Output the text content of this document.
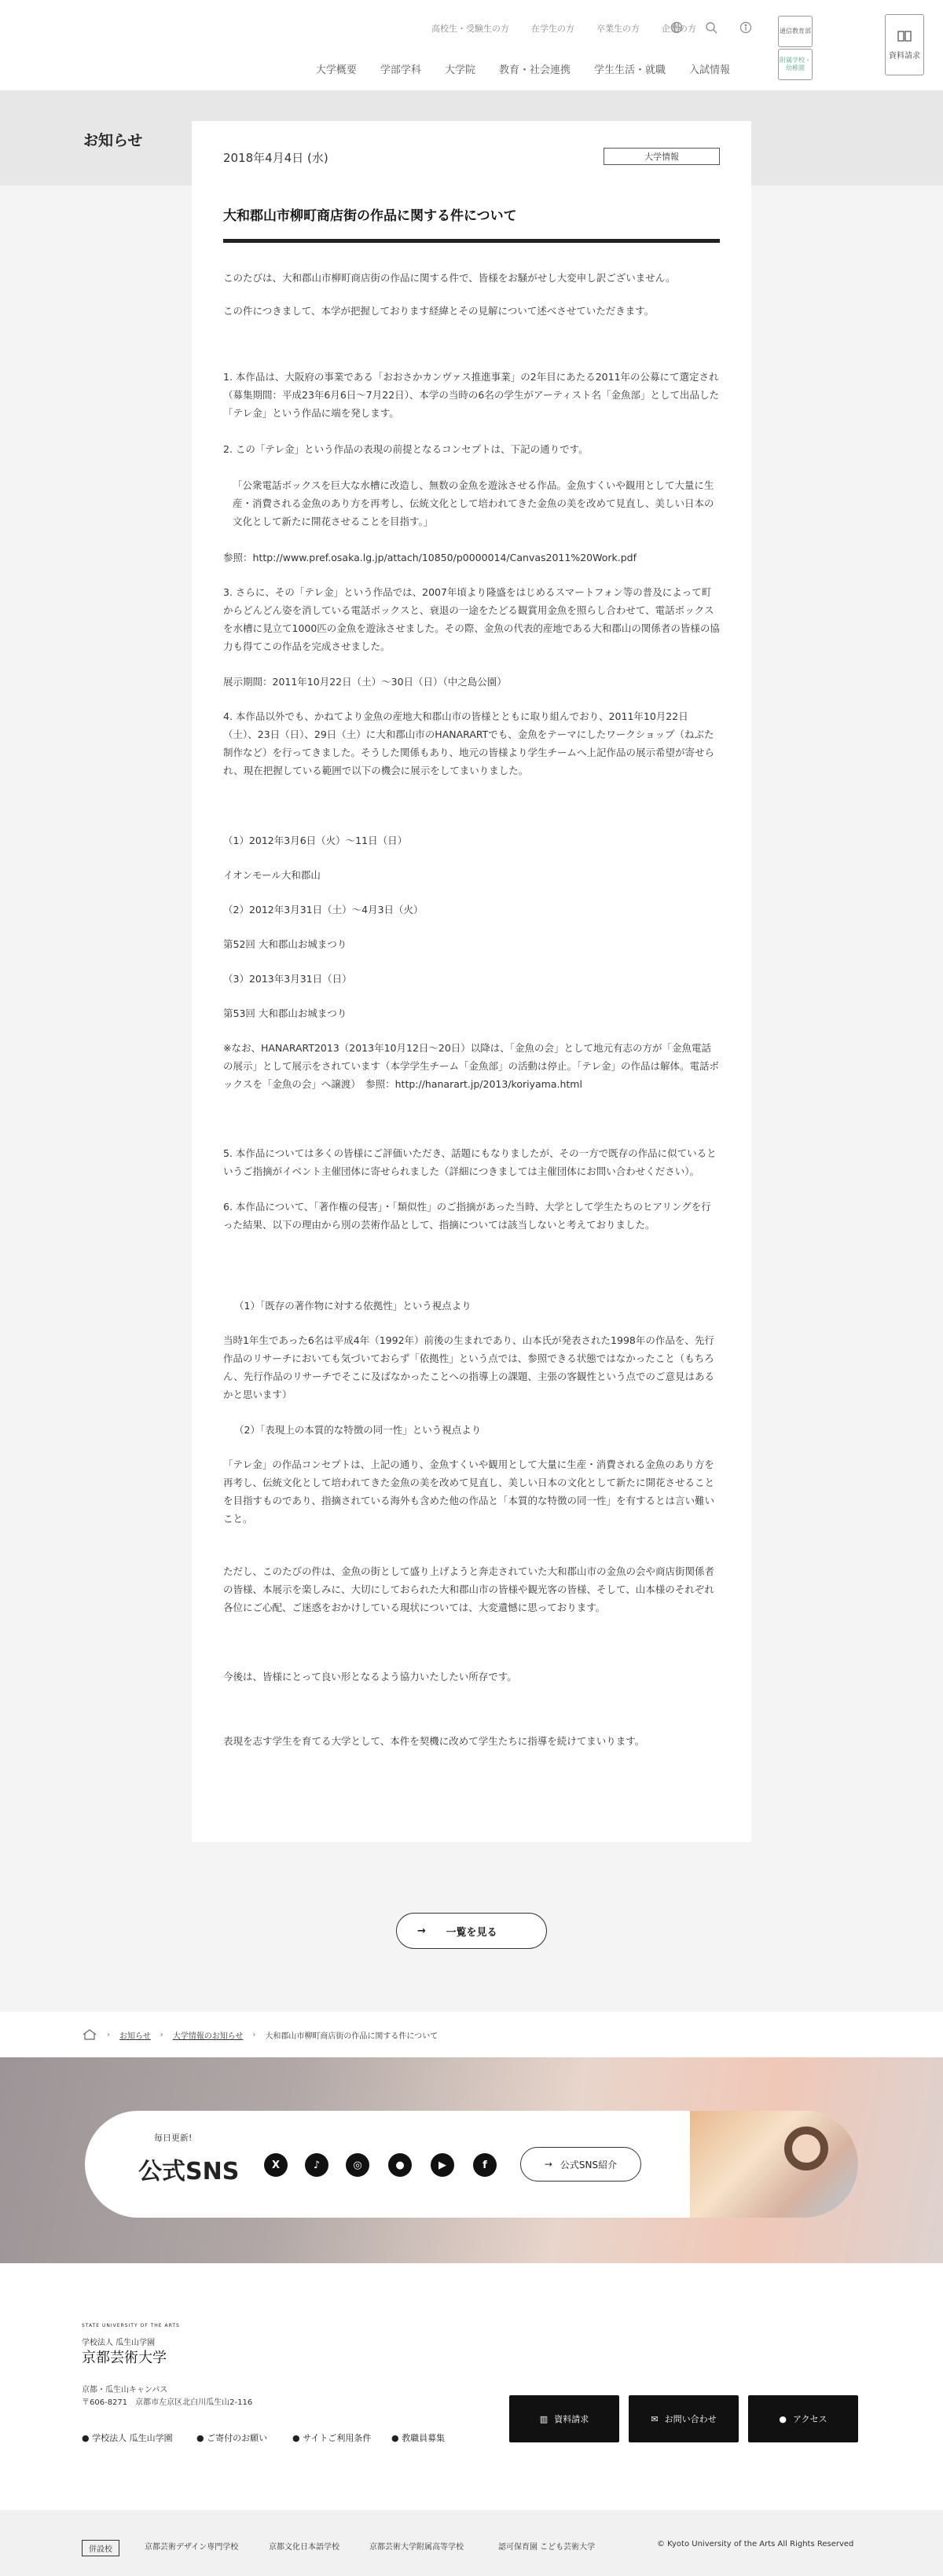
高校生・受験生の方	在学生の方	卒業生の方	企業の方
大学概要	学部学科	大学院	教育・社会連携	学生生活・就職	入試情報
通信教育部
附属学校・幼稚園
資料請求
お知らせ
2018年4月4日 (水)	大学情報
大和郡山市柳町商店街の作品に関する件について

このたびは、大和郡山市柳町商店街の作品に関する件で、皆様をお騒がせし大変申し訳ございません。

この件につきまして、本学が把握しております経緯とその見解について述べさせていただきます。

1. 本作品は、大阪府の事業である「おおさかカンヴァス推進事業」の2年目にあたる2011年の公募にて選定され（募集期間：平成23年6月6日～7月22日）、本学の当時の6名の学生がアーティスト名「金魚部」として出品した「テレ金」という作品に端を発します。

2. この「テレ金」という作品の表現の前提となるコンセプトは、下記の通りです。

「公衆電話ボックスを巨大な水槽に改造し、無数の金魚を遊泳させる作品。金魚すくいや観用として大量に生産・消費される金魚のあり方を再考し、伝統文化として培われてきた金魚の美を改めて見直し、美しい日本の文化として新たに開花させることを目指す。」

参照：http://www.pref.osaka.lg.jp/attach/10850/p0000014/Canvas2011%20Work.pdf

3. さらに、その「テレ金」という作品では、2007年頃より隆盛をはじめるスマートフォン等の普及によって町からどんどん姿を消している電話ボックスと、衰退の一途をたどる観賞用金魚を照らし合わせて、電話ボックスを水槽に見立て1000匹の金魚を遊泳させました。その際、金魚の代表的産地である大和郡山の関係者の皆様の協力も得てこの作品を完成させました。

展示期間：2011年10月22日（土）～30日（日）（中之島公園）

4. 本作品以外でも、かねてより金魚の産地大和郡山市の皆様とともに取り組んでおり、2011年10月22日（土）、23日（日）、29日（土）に大和郡山市のHANARARTでも、金魚をテーマにしたワークショップ（ねぶた制作など）を行ってきました。そうした関係もあり、地元の皆様より学生チームへ上記作品の展示希望が寄せられ、現在把握している範囲で以下の機会に展示をしてまいりました。

（1）2012年3月6日（火）～11日（日）

イオンモール大和郡山

（2）2012年3月31日（土）～4月3日（火）

第52回 大和郡山お城まつり

（3）2013年3月31日（日）

第53回 大和郡山お城まつり

※なお、HANARART2013（2013年10月12日～20日）以降は、「金魚の会」として地元有志の方が「金魚電話の展示」として展示をされています（本学学生チーム「金魚部」の活動は停止。「テレ金」の作品は解体。電話ボックスを「金魚の会」へ譲渡）　参照：http://hanarart.jp/2013/koriyama.html

5. 本作品については多くの皆様にご評価いただき、話題にもなりましたが、その一方で既存の作品に似ているというご指摘がイベント主催団体に寄せられました（詳細につきましては主催団体にお問い合わせください）。

6. 本作品について、「著作権の侵害」・「類似性」のご指摘があった当時、大学として学生たちのヒアリングを行った結果、以下の理由から別の芸術作品として、指摘については該当しないと考えておりました。

（1）「既存の著作物に対する依拠性」という視点より

当時1年生であった6名は平成4年（1992年）前後の生まれであり、山本氏が発表された1998年の作品を、先行作品のリサーチにおいても気づいておらず「依拠性」という点では、参照できる状態ではなかったこと（もちろん、先行作品のリサーチでそこに及ばなかったことへの指導上の課題、主張の客観性という点でのご意見はあるかと思います）

（2）「表現上の本質的な特徴の同一性」という視点より

「テレ金」の作品コンセプトは、上記の通り、金魚すくいや観用として大量に生産・消費される金魚のあり方を再考し、伝統文化として培われてきた金魚の美を改めて見直し、美しい日本の文化として新たに開花させることを目指すものであり、指摘されている海外も含めた他の作品と「本質的な特徴の同一性」を有するとは言い難いこと。

ただし、このたびの件は、金魚の街として盛り上げようと奔走されていた大和郡山市の金魚の会や商店街関係者の皆様、本展示を楽しみに、大切にしておられた大和郡山市の皆様や観光客の皆様、そして、山本様のそれぞれ各位にご心配、ご迷惑をおかけしている現状については、大変遺憾に思っております。

今後は、皆様にとって良い形となるよう協力いたしたい所存です。

表現を志す学生を育てる大学として、本件を契機に改めて学生たちに指導を続けてまいります。

→ 一覧を見る
› お知らせ › 大学情報のお知らせ › 大和郡山市柳町商店街の作品に関する件について
毎日更新!
公式SNS	X	♪	◎	●	▶	f	→ 公式SNS紹介
STATE UNIVERSITY OF THE ARTS
学校法人 瓜生山学園
京都芸術大学
京都・瓜生山キャンパス
〒606-8271　京都市左京区北白川瓜生山2-116
● 学校法人 瓜生山学園	● ご寄付のお願い	● サイトご利用条件 ● 教職員募集
▥ 資料請求	✉ お問い合わせ	● アクセス
併設校	京都芸術デザイン専門学校	京都文化日本語学校	京都芸術大学附属高等学校	認可保育園 こども芸術大学	© Kyoto University of the Arts All Rights Reserved
